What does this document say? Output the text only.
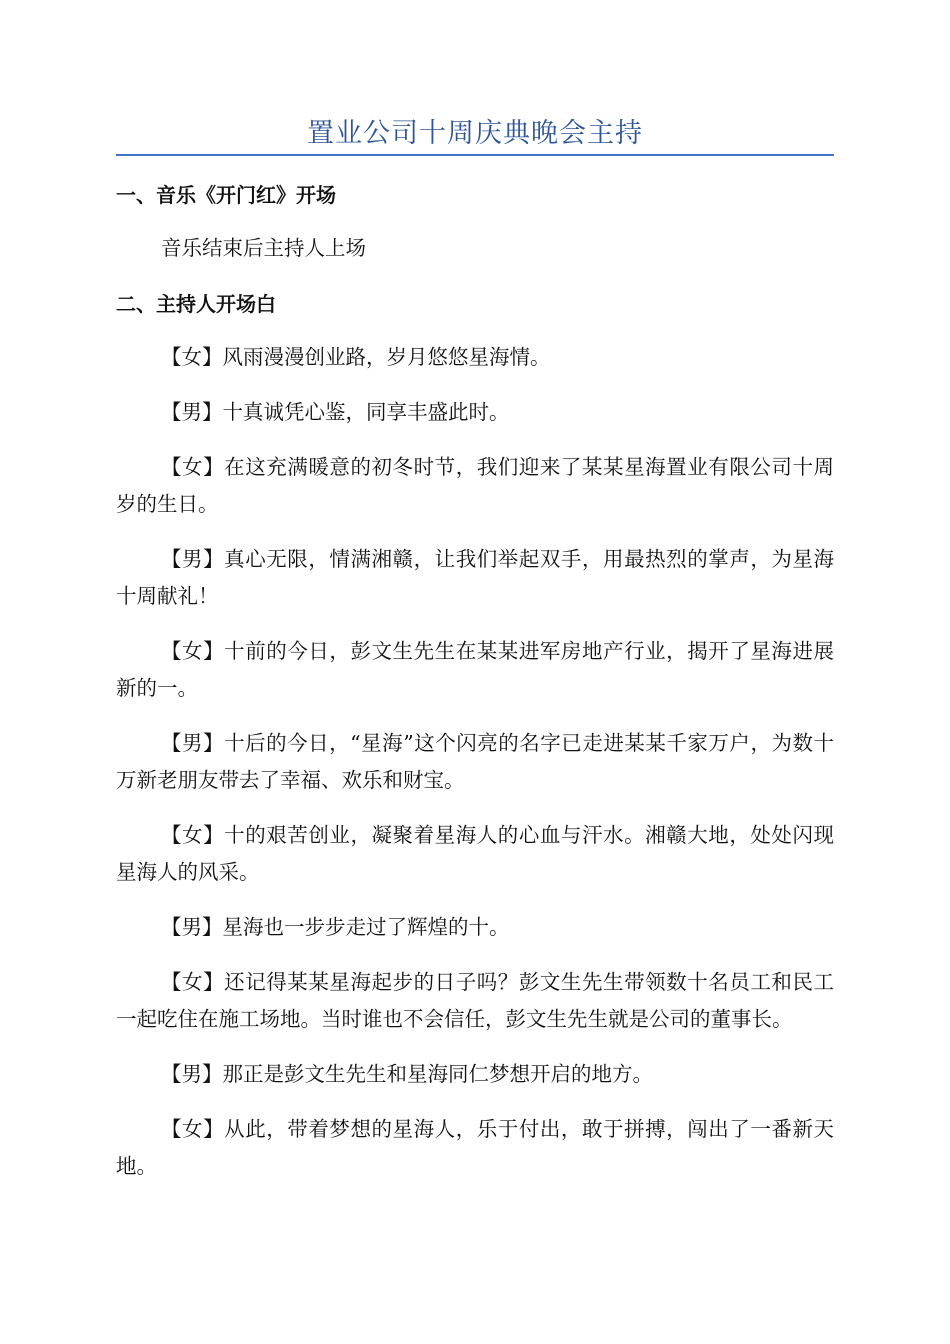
置业公司十周庆典晚会主持
一、音乐《开门红》开场

音乐结束后主持人上场

二、主持人开场白

【女】风雨漫漫创业路，岁月悠悠星海情。

【男】十真诚凭心鉴，同享丰盛此时。

【女】在这充满暖意的初冬时节，我们迎来了某某星海置业有限公司十周岁的生日。

【男】真心无限，情满湘赣，让我们举起双手，用最热烈的掌声，为星海十周献礼！

【女】十前的今日，彭文生先生在某某进军房地产行业，揭开了星海进展新的一。

【男】十后的今日，“星海”这个闪亮的名字已走进某某千家万户，为数十万新老朋友带去了幸福、欢乐和财宝。

【女】十的艰苦创业，凝聚着星海人的心血与汗水。湘赣大地，处处闪现星海人的风采。

【男】星海也一步步走过了辉煌的十。

【女】还记得某某星海起步的日子吗？彭文生先生带领数十名员工和民工一起吃住在施工场地。当时谁也不会信任，彭文生先生就是公司的董事长。

【男】那正是彭文生先生和星海同仁梦想开启的地方。

【女】从此，带着梦想的星海人，乐于付出，敢于拼搏，闯出了一番新天地。
